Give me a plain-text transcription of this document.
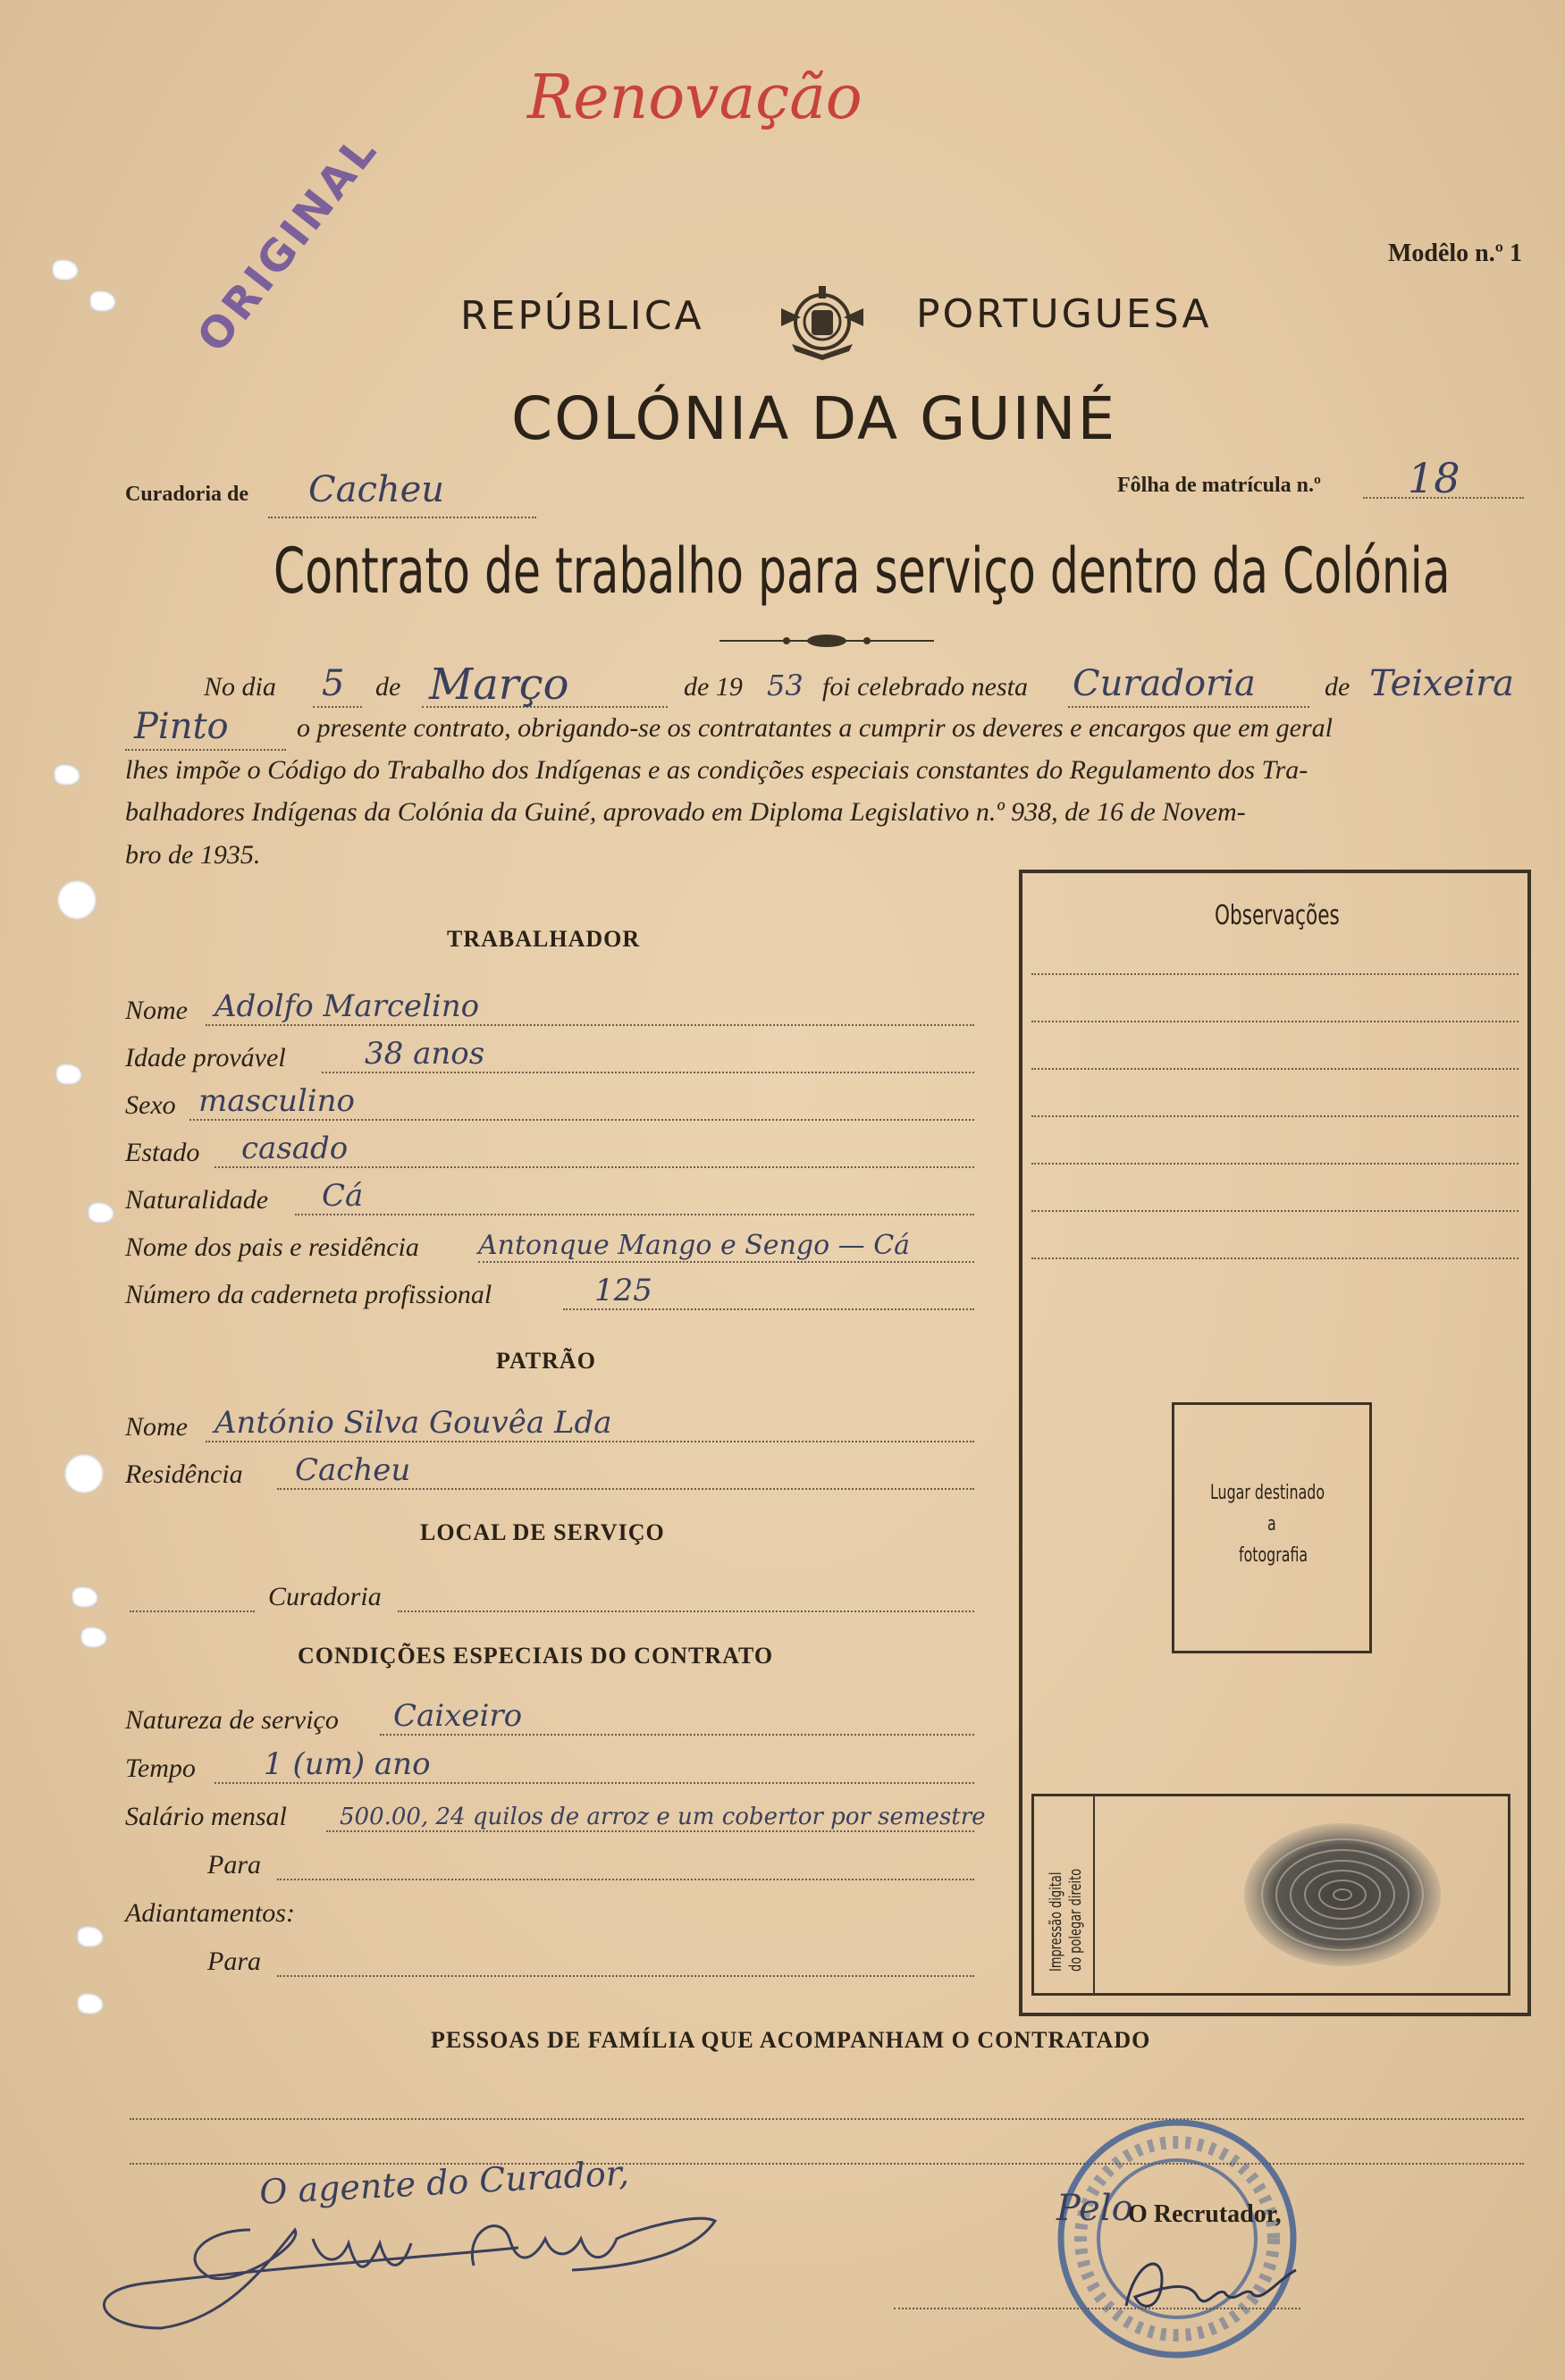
Renovação
ORIGINAL	Modêlo n.º 1
REPÚBLICA	PORTUGUESA
COLÓNIA DA GUINÉ
Curadoria de Cacheu	Fôlha de matrícula n.º 18
Contrato de trabalho para serviço dentro da Colónia
No dia 5 de Março	de 19 53 foi celebrado nesta Curadoria	de Teixeira
Pinto	o presente contrato, obrigando-se os contratantes a cumprir os deveres e encargos que em geral
lhes impõe o Código do Trabalho dos Indígenas e as condições especiais constantes do Regulamento dos Tra-
balhadores Indígenas da Colónia da Guiné, aprovado em Diploma Legislativo n.º 938, de 16 de Novem-
bro de 1935.
TRABALHADOR
Nome Adolfo Marcelino
Idade provável	38 anos
Sexo masculino
Estado casado
Naturalidade Cá
Nome dos pais e residência Antonque Mango e Sengo — Cá
Número da caderneta profissional	125
PATRÃO
Nome António Silva Gouvêa Lda
Residência Cacheu
LOCAL DE SERVIÇO
Curadoria
CONDIÇÕES ESPECIAIS DO CONTRATO
Natureza de serviço Caixeiro
Tempo 1 (um) ano
Salário mensal 500.00, 24 quilos de arroz e um cobertor por semestre
Para
Adiantamentos:
Para
Observações
Lugar destinado
a
fotografia
Impressão digital do polegar direito
PESSOAS DE FAMÍLIA QUE ACOMPANHAM O CONTRATADO
O agente do Curador,	Pelo
O Recrutador,
